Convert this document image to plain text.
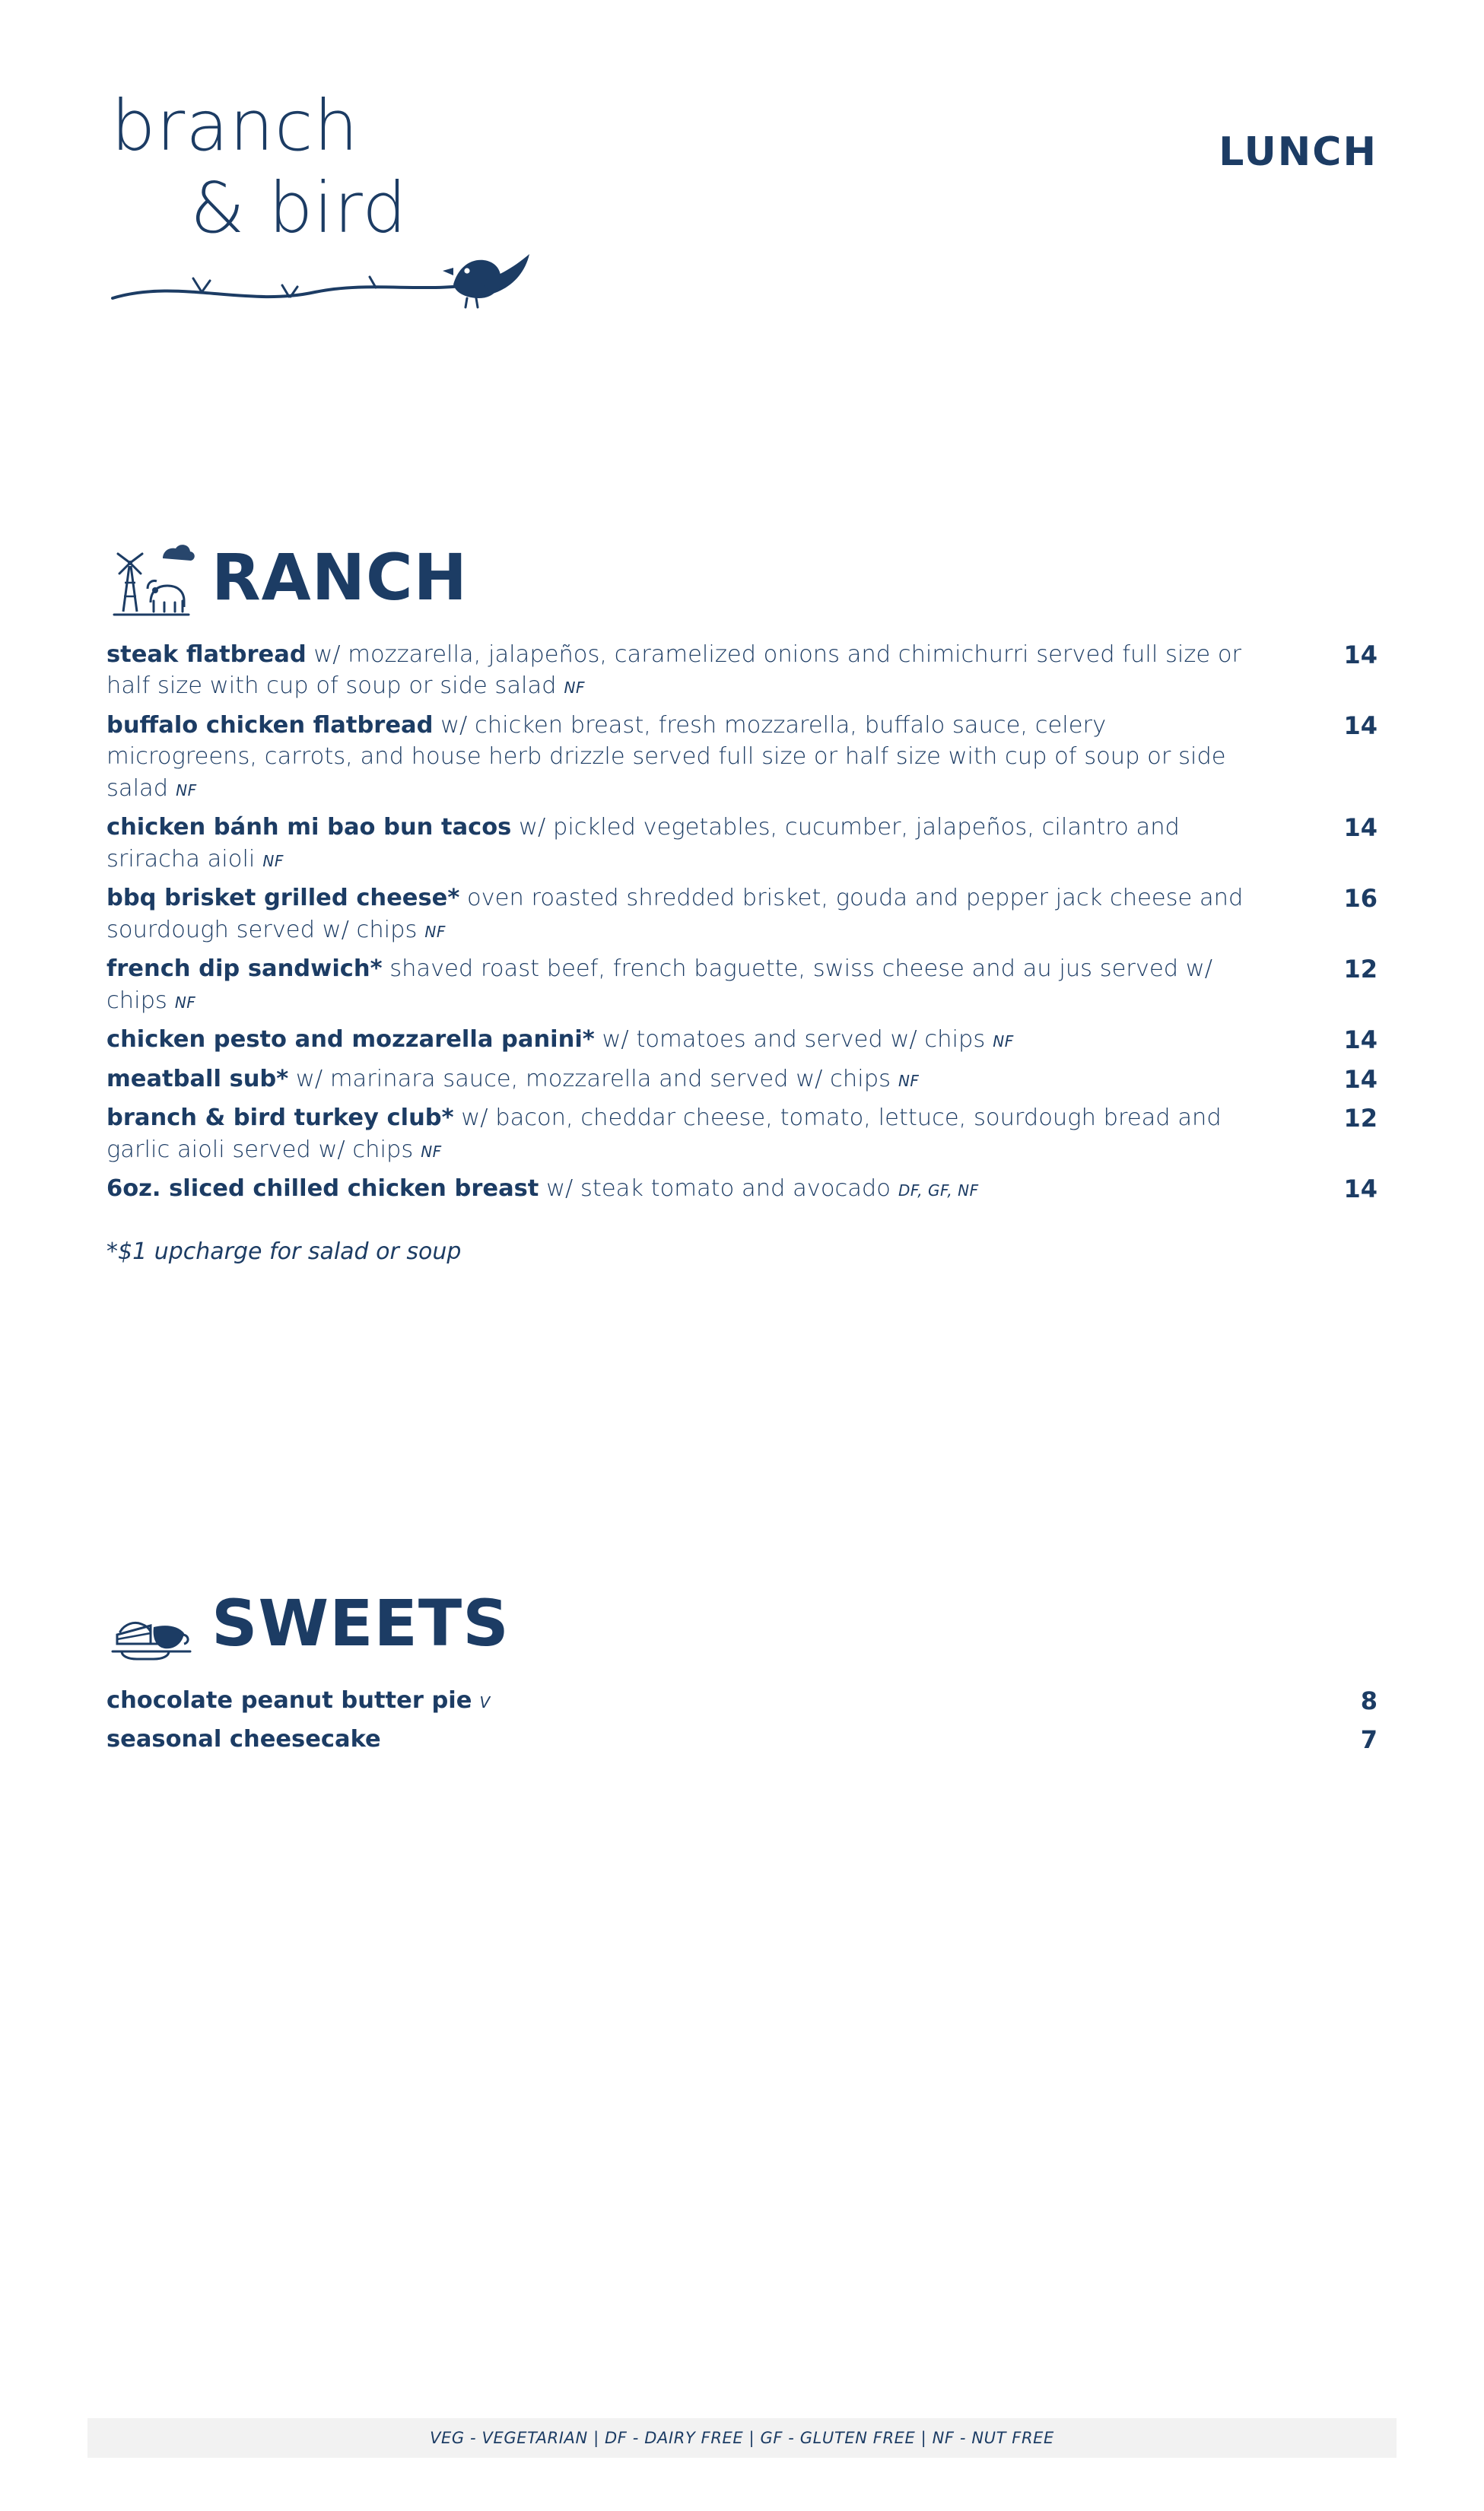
branch
& bird
LUNCH
RANCH
steak flatbread w/ mozzarella, jalapeños, caramelized onions and chimichurri served full size or half size with cup of soup or side salad NF
14
buffalo chicken flatbread w/ chicken breast, fresh mozzarella, buffalo sauce, celery microgreens, carrots, and house herb drizzle served full size or half size with cup of soup or side salad NF
14
chicken bánh mi bao bun tacos w/ pickled vegetables, cucumber, jalapeños, cilantro and sriracha aioli NF
14
bbq brisket grilled cheese* oven roasted shredded brisket, gouda and pepper jack cheese and sourdough served w/ chips NF
16
french dip sandwich* shaved roast beef, french baguette, swiss cheese and au jus served w/ chips NF
12
chicken pesto and mozzarella panini* w/ tomatoes and served w/ chips NF	14
meatball sub* w/ marinara sauce, mozzarella and served w/ chips NF	14
branch & bird turkey club* w/ bacon, cheddar cheese, tomato, lettuce, sourdough bread and garlic aioli served w/ chips NF
12
6oz. sliced chilled chicken breast w/ steak tomato and avocado DF, GF, NF	14
*$1 upcharge for salad or soup
SWEETS
chocolate peanut butter pie V	8
seasonal cheesecake	7
VEG - VEGETARIAN | DF - DAIRY FREE | GF - GLUTEN FREE | NF - NUT FREE
